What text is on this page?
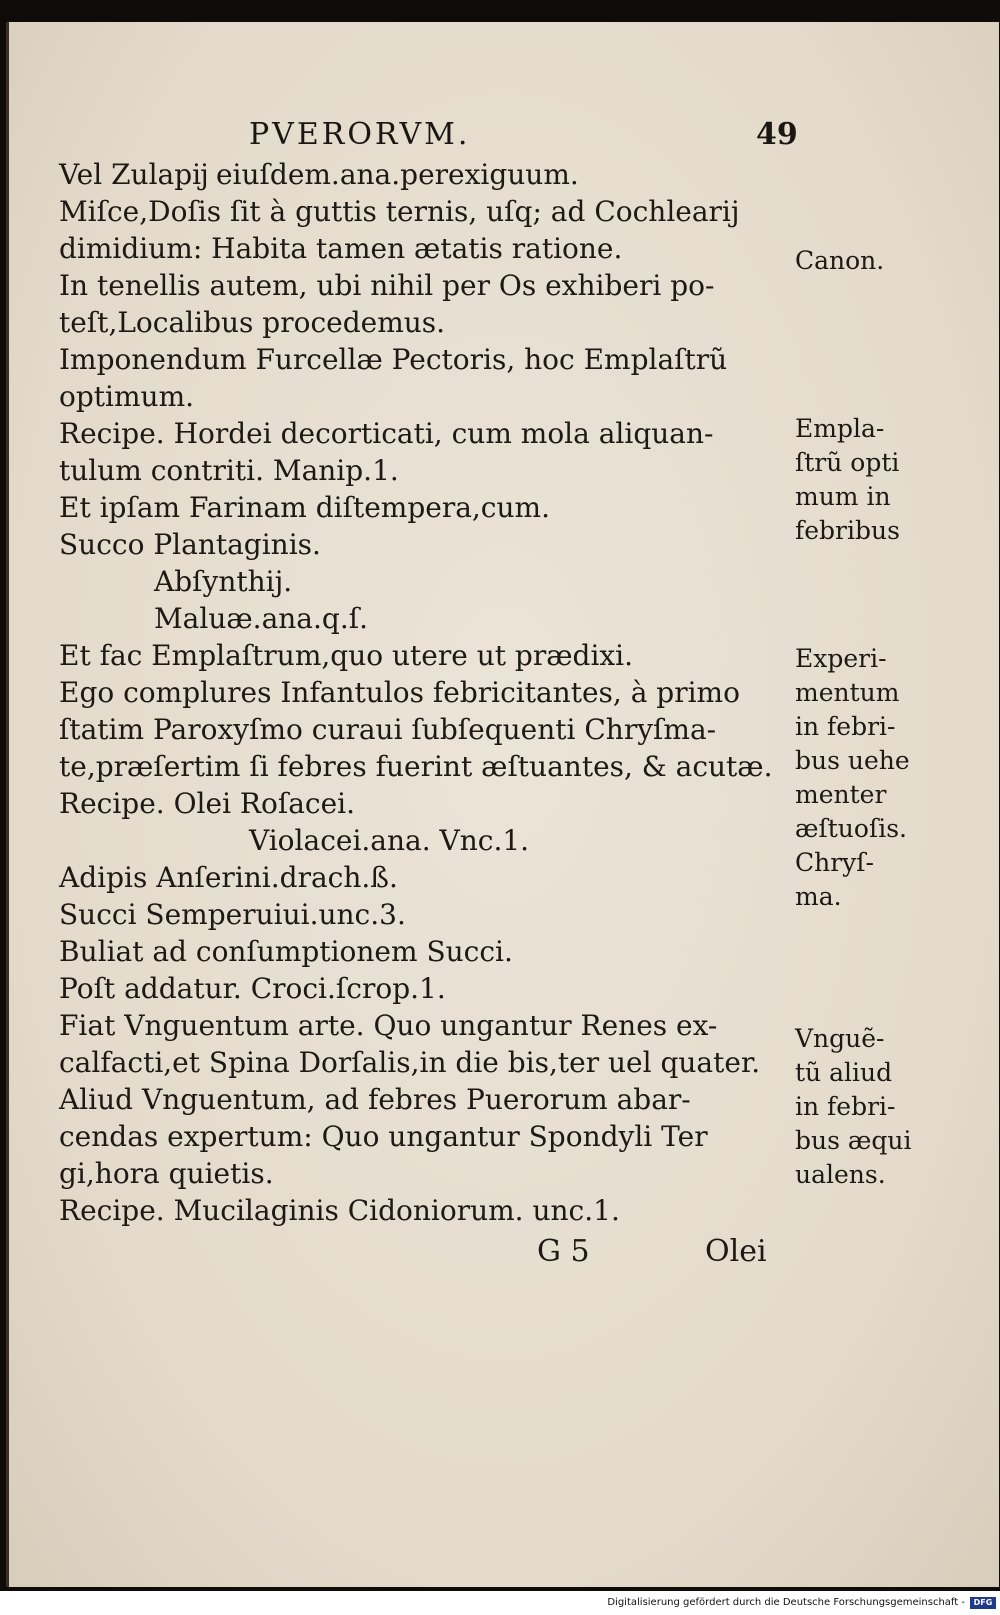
PVERORVM.	49
Vel Zulapĳ eiuſdem.ana.perexiguum.
Miſce,Doſis ſit à guttis ternis, uſq; ad Cochlearij
dimidium: Habita tamen ætatis ratione.
In tenellis autem, ubi nihil per Os exhiberi po-
teſt,Localibus procedemus.
Imponendum Furcellæ Pectoris, hoc Emplaſtrũ
optimum.
Recipe. Hordei decorticati, cum mola aliquan-
tulum contriti. Manip.1.
Et ipſam Farinam diſtempera,cum.
Succo Plantaginis.
Abſynthij.
Maluæ.ana.q.ſ.
Et fac Emplaſtrum,quo utere ut prædixi.
Ego complures Infantulos febricitantes, à primo
ſtatim Paroxyſmo curaui ſubſequenti Chryſma-
te,præſertim ſi febres fuerint æſtuantes, & acutæ.
Recipe. Olei Roſacei.
Violacei.ana. Vnc.1.
Adipis Anſerini.drach.ß.
Succi Semperuiui.unc.3.
Buliat ad conſumptionem Succi.
Poſt addatur. Croci.ſcrop.1.
Fiat Vnguentum arte. Quo ungantur Renes ex-
calfacti,et Spina Dorſalis,in die bis,ter uel quater.
Aliud Vnguentum, ad febres Puerorum abar-
cendas expertum: Quo ungantur Spondyli Ter
gi,hora quietis.
Recipe. Mucilaginis Cidoniorum. unc.1.
Canon.
Empla-
ſtrũ opti
mum in
febribus
Experi-
mentum
in febri-
bus uehe
menter
æſtuoſis.
Chryſ-
ma.
Vnguẽ-
tũ aliud
in febri-
bus æqui
ualens.
G 5	Olei
Digitalisierung gefördert durch die Deutsche Forschungsgemeinschaft -	DFG
